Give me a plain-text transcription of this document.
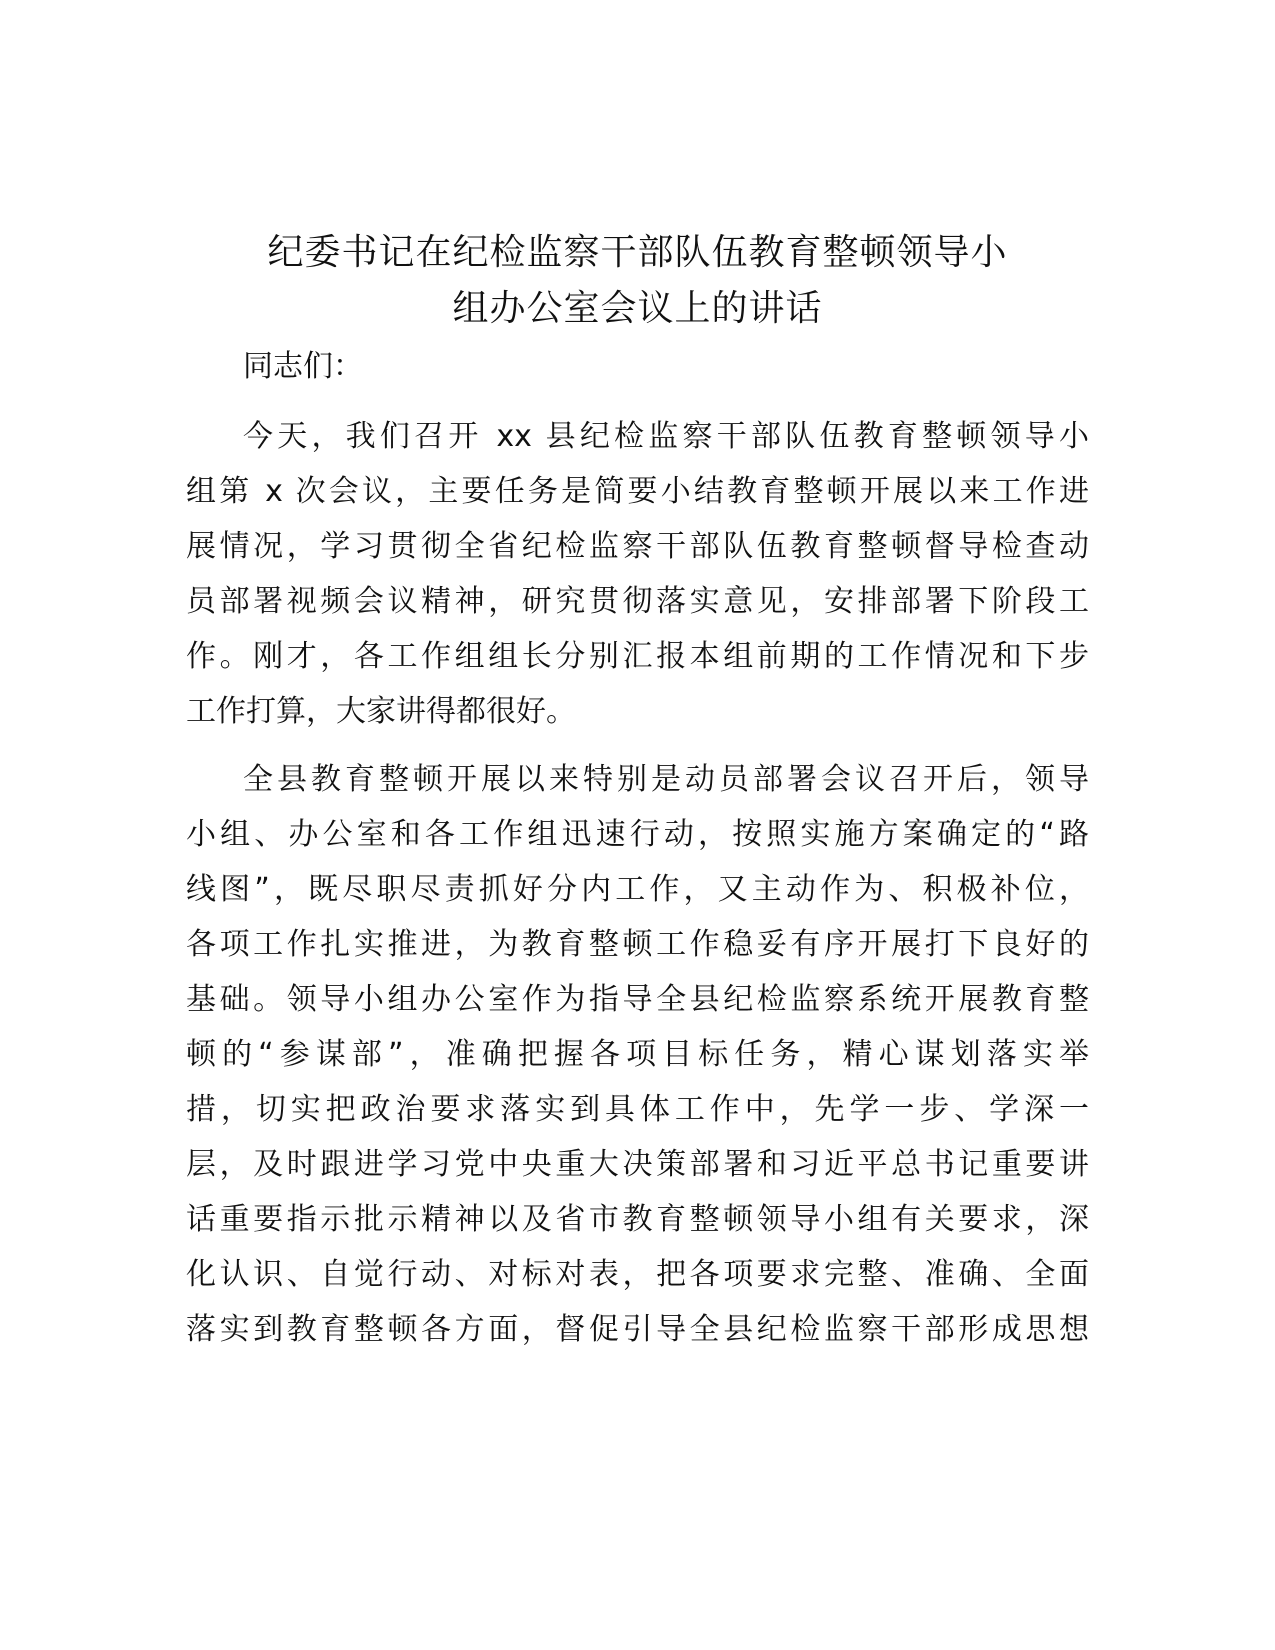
纪委书记在纪检监察干部队伍教育整顿领导小
组办公室会议上的讲话

同志们：

今天，我们召开 xx 县纪检监察干部队伍教育整顿领导小

组第 x 次会议，主要任务是简要小结教育整顿开展以来工作进

展情况，学习贯彻全省纪检监察干部队伍教育整顿督导检查动

员部署视频会议精神，研究贯彻落实意见，安排部署下阶段工

作。刚才，各工作组组长分别汇报本组前期的工作情况和下步

工作打算，大家讲得都很好。

全县教育整顿开展以来特别是动员部署会议召开后，领导

小组、办公室和各工作组迅速行动，按照实施方案确定的“路

线图”，既尽职尽责抓好分内工作，又主动作为、积极补位，

各项工作扎实推进，为教育整顿工作稳妥有序开展打下良好的

基础。领导小组办公室作为指导全县纪检监察系统开展教育整

顿的“参谋部”，准确把握各项目标任务，精心谋划落实举

措，切实把政治要求落实到具体工作中，先学一步、学深一

层，及时跟进学习党中央重大决策部署和习近平总书记重要讲

话重要指示批示精神以及省市教育整顿领导小组有关要求，深

化认识、自觉行动、对标对表，把各项要求完整、准确、全面

落实到教育整顿各方面，督促引导全县纪检监察干部形成思想
